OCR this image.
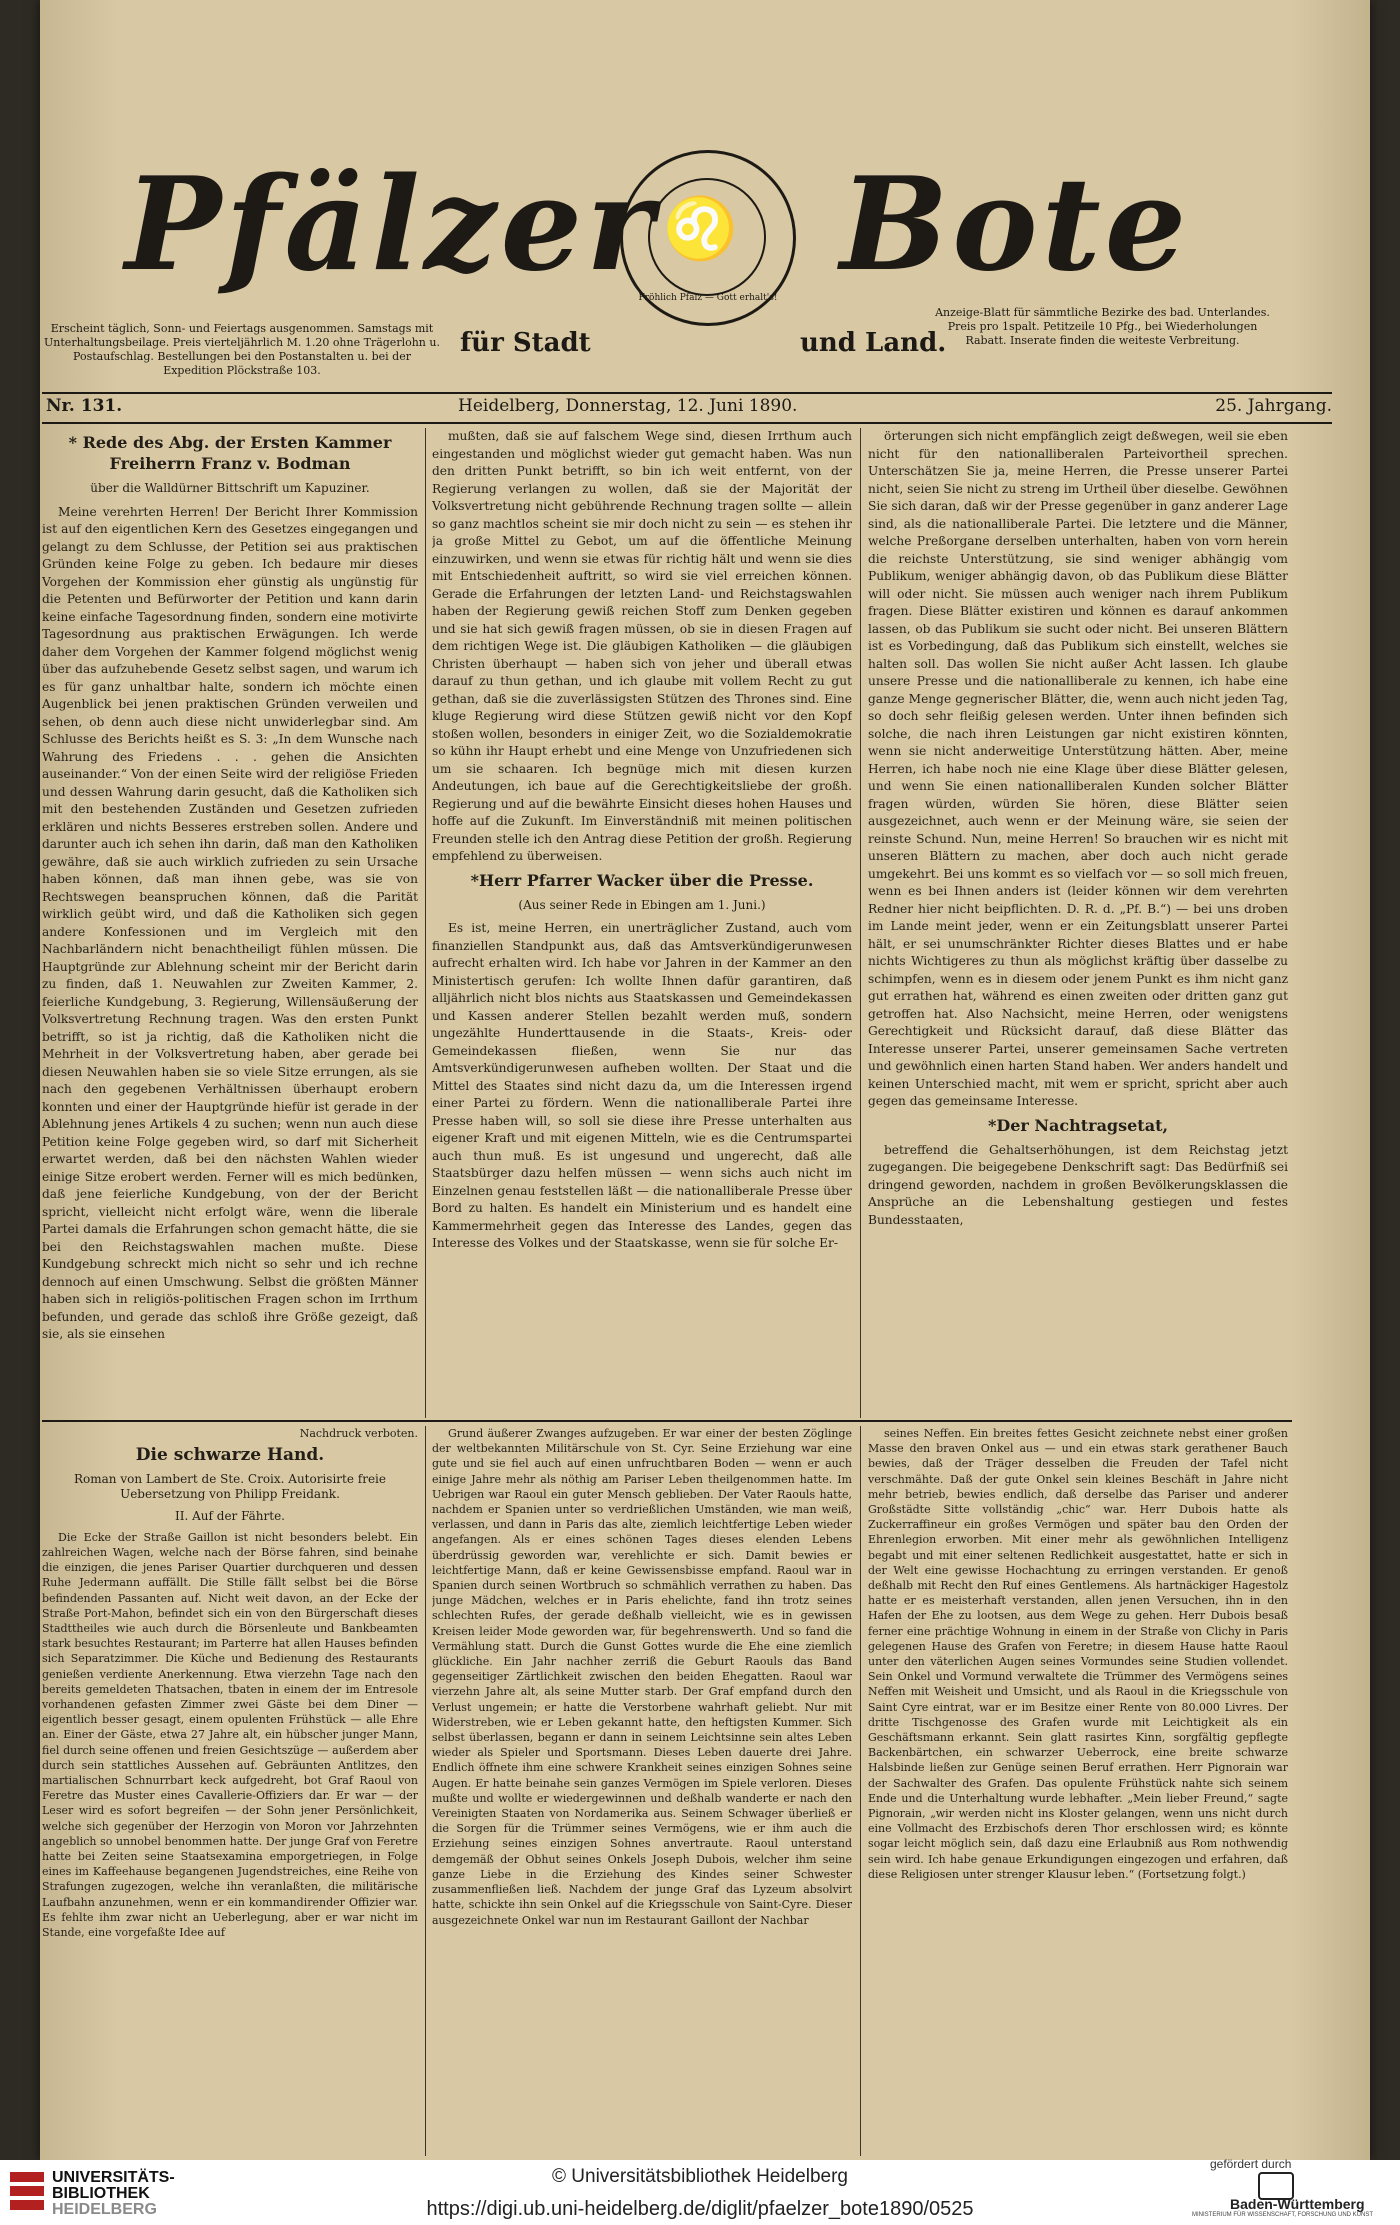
Pfälzer ♌
Fröhlich Pfalz — Gott erhalt's! Bote
Erscheint täglich, Sonn- und Feiertags ausgenommen. Samstags mit Unterhaltungsbeilage. Preis vierteljährlich M. 1.20 ohne Trägerlohn u. Postaufschlag. Bestellungen bei den Postanstalten u. bei der Expedition Plöckstraße 103.
für Stadt	und Land.
Anzeige-Blatt für sämmtliche Bezirke des bad. Unterlandes. Preis pro 1spalt. Petitzeile 10 Pfg., bei Wiederholungen Rabatt. Inserate finden die weiteste Verbreitung.
Nr. 131.	Heidelberg, Donnerstag, 12. Juni 1890.	25. Jahrgang.
* Rede des Abg. der Ersten Kammer Freiherrn Franz v. Bodman
über die Walldürner Bittschrift um Kapuziner.

Meine verehrten Herren! Der Bericht Ihrer Kommission ist auf den eigentlichen Kern des Gesetzes eingegangen und gelangt zu dem Schlusse, der Petition sei aus praktischen Gründen keine Folge zu geben. Ich bedaure mir dieses Vorgehen der Kommission eher günstig als ungünstig für die Petenten und Befürworter der Petition und kann darin keine einfache Tagesordnung finden, sondern eine motivirte Tagesordnung aus praktischen Erwägungen. Ich werde daher dem Vorgehen der Kammer folgend möglichst wenig über das aufzuhebende Gesetz selbst sagen, und warum ich es für ganz unhaltbar halte, sondern ich möchte einen Augenblick bei jenen praktischen Gründen verweilen und sehen, ob denn auch diese nicht unwiderlegbar sind. Am Schlusse des Berichts heißt es S. 3: „In dem Wunsche nach Wahrung des Friedens . . . gehen die Ansichten auseinander.“ Von der einen Seite wird der religiöse Frieden und dessen Wahrung darin gesucht, daß die Katholiken sich mit den bestehenden Zuständen und Gesetzen zufrieden erklären und nichts Besseres erstreben sollen. Andere und darunter auch ich sehen ihn darin, daß man den Katholiken gewähre, daß sie auch wirklich zufrieden zu sein Ursache haben können, daß man ihnen gebe, was sie von Rechtswegen beanspruchen können, daß die Parität wirklich geübt wird, und daß die Katholiken sich gegen andere Konfessionen und im Vergleich mit den Nachbarländern nicht benachtheiligt fühlen müssen. Die Hauptgründe zur Ablehnung scheint mir der Bericht darin zu finden, daß 1. Neuwahlen zur Zweiten Kammer, 2. feierliche Kundgebung, 3. Regierung, Willensäußerung der Volksvertretung Rechnung tragen. Was den ersten Punkt betrifft, so ist ja richtig, daß die Katholiken nicht die Mehrheit in der Volksvertretung haben, aber gerade bei diesen Neuwahlen haben sie so viele Sitze errungen, als sie nach den gegebenen Verhältnissen überhaupt erobern konnten und einer der Hauptgründe hiefür ist gerade in der Ablehnung jenes Artikels 4 zu suchen; wenn nun auch diese Petition keine Folge gegeben wird, so darf mit Sicherheit erwartet werden, daß bei den nächsten Wahlen wieder einige Sitze erobert werden. Ferner will es mich bedünken, daß jene feierliche Kundgebung, von der der Bericht spricht, vielleicht nicht erfolgt wäre, wenn die liberale Partei damals die Erfahrungen schon gemacht hätte, die sie bei den Reichstagswahlen machen mußte. Diese Kundgebung schreckt mich nicht so sehr und ich rechne dennoch auf einen Umschwung. Selbst die größten Männer haben sich in religiös-politischen Fragen schon im Irrthum befunden, und gerade das schloß ihre Größe gezeigt, daß sie, als sie einsehen

mußten, daß sie auf falschem Wege sind, diesen Irrthum auch eingestanden und möglichst wieder gut gemacht haben. Was nun den dritten Punkt betrifft, so bin ich weit entfernt, von der Regierung verlangen zu wollen, daß sie der Majorität der Volksvertretung nicht gebührende Rechnung tragen sollte — allein so ganz machtlos scheint sie mir doch nicht zu sein — es stehen ihr ja große Mittel zu Gebot, um auf die öffentliche Meinung einzuwirken, und wenn sie etwas für richtig hält und wenn sie dies mit Entschiedenheit auftritt, so wird sie viel erreichen können. Gerade die Erfahrungen der letzten Land- und Reichstagswahlen haben der Regierung gewiß reichen Stoff zum Denken gegeben und sie hat sich gewiß fragen müssen, ob sie in diesen Fragen auf dem richtigen Wege ist. Die gläubigen Katholiken — die gläubigen Christen überhaupt — haben sich von jeher und überall etwas darauf zu thun gethan, und ich glaube mit vollem Recht zu gut gethan, daß sie die zuverlässigsten Stützen des Thrones sind. Eine kluge Regierung wird diese Stützen gewiß nicht vor den Kopf stoßen wollen, besonders in einiger Zeit, wo die Sozialdemokratie so kühn ihr Haupt erhebt und eine Menge von Unzufriedenen sich um sie schaaren. Ich begnüge mich mit diesen kurzen Andeutungen, ich baue auf die Gerechtigkeitsliebe der großh. Regierung und auf die bewährte Einsicht dieses hohen Hauses und hoffe auf die Zukunft. Im Einverständniß mit meinen politischen Freunden stelle ich den Antrag diese Petition der großh. Regierung empfehlend zu überweisen.

*Herr Pfarrer Wacker über die Presse.
(Aus seiner Rede in Ebingen am 1. Juni.)

Es ist, meine Herren, ein unerträglicher Zustand, auch vom finanziellen Standpunkt aus, daß das Amtsverkündigerunwesen aufrecht erhalten wird. Ich habe vor Jahren in der Kammer an den Ministertisch gerufen: Ich wollte Ihnen dafür garantiren, daß alljährlich nicht blos nichts aus Staatskassen und Gemeindekassen und Kassen anderer Stellen bezahlt werden muß, sondern ungezählte Hunderttausende in die Staats-, Kreis- oder Gemeindekassen fließen, wenn Sie nur das Amtsverkündigerunwesen aufheben wollten. Der Staat und die Mittel des Staates sind nicht dazu da, um die Interessen irgend einer Partei zu fördern. Wenn die nationalliberale Partei ihre Presse haben will, so soll sie diese ihre Presse unterhalten aus eigener Kraft und mit eigenen Mitteln, wie es die Centrumspartei auch thun muß. Es ist ungesund und ungerecht, daß alle Staatsbürger dazu helfen müssen — wenn sichs auch nicht im Einzelnen genau feststellen läßt — die nationalliberale Presse über Bord zu halten. Es handelt ein Ministerium und es handelt eine Kammermehrheit gegen das Interesse des Landes, gegen das Interesse des Volkes und der Staatskasse, wenn sie für solche Er-

örterungen sich nicht empfänglich zeigt deßwegen, weil sie eben nicht für den nationalliberalen Parteivortheil sprechen. Unterschätzen Sie ja, meine Herren, die Presse unserer Partei nicht, seien Sie nicht zu streng im Urtheil über dieselbe. Gewöhnen Sie sich daran, daß wir der Presse gegenüber in ganz anderer Lage sind, als die nationalliberale Partei. Die letztere und die Männer, welche Preßorgane derselben unterhalten, haben von vorn herein die reichste Unterstützung, sie sind weniger abhängig vom Publikum, weniger abhängig davon, ob das Publikum diese Blätter will oder nicht. Sie müssen auch weniger nach ihrem Publikum fragen. Diese Blätter existiren und können es darauf ankommen lassen, ob das Publikum sie sucht oder nicht. Bei unseren Blättern ist es Vorbedingung, daß das Publikum sich einstellt, welches sie halten soll. Das wollen Sie nicht außer Acht lassen. Ich glaube unsere Presse und die nationalliberale zu kennen, ich habe eine ganze Menge gegnerischer Blätter, die, wenn auch nicht jeden Tag, so doch sehr fleißig gelesen werden. Unter ihnen befinden sich solche, die nach ihren Leistungen gar nicht existiren könnten, wenn sie nicht anderweitige Unterstützung hätten. Aber, meine Herren, ich habe noch nie eine Klage über diese Blätter gelesen, und wenn Sie einen nationalliberalen Kunden solcher Blätter fragen würden, würden Sie hören, diese Blätter seien ausgezeichnet, auch wenn er der Meinung wäre, sie seien der reinste Schund. Nun, meine Herren! So brauchen wir es nicht mit unseren Blättern zu machen, aber doch auch nicht gerade umgekehrt. Bei uns kommt es so vielfach vor — so soll mich freuen, wenn es bei Ihnen anders ist (leider können wir dem verehrten Redner hier nicht beipflichten. D. R. d. „Pf. B.“) — bei uns droben im Lande meint jeder, wenn er ein Zeitungsblatt unserer Partei hält, er sei unumschränkter Richter dieses Blattes und er habe nichts Wichtigeres zu thun als möglichst kräftig über dasselbe zu schimpfen, wenn es in diesem oder jenem Punkt es ihm nicht ganz gut errathen hat, während es einen zweiten oder dritten ganz gut getroffen hat. Also Nachsicht, meine Herren, oder wenigstens Gerechtigkeit und Rücksicht darauf, daß diese Blätter das Interesse unserer Partei, unserer gemeinsamen Sache vertreten und gewöhnlich einen harten Stand haben. Wer anders handelt und keinen Unterschied macht, mit wem er spricht, spricht aber auch gegen das gemeinsame Interesse.

*Der Nachtragsetat,

betreffend die Gehaltserhöhungen, ist dem Reichstag jetzt zugegangen. Die beigegebene Denkschrift sagt: Das Bedürfniß sei dringend geworden, nachdem in großen Bevölkerungsklassen die Ansprüche an die Lebenshaltung gestiegen und festes Bundesstaaten,

Nachdruck verboten.
Die schwarze Hand.
Roman von Lambert de Ste. Croix. Autorisirte freie Uebersetzung von Philipp Freidank.
II. Auf der Fährte.

Die Ecke der Straße Gaillon ist nicht besonders belebt. Ein zahlreichen Wagen, welche nach der Börse fahren, sind beinahe die einzigen, die jenes Pariser Quartier durchqueren und dessen Ruhe Jedermann auffällt. Die Stille fällt selbst bei die Börse befindenden Passanten auf. Nicht weit davon, an der Ecke der Straße Port-Mahon, befindet sich ein von den Bürgerschaft dieses Stadttheiles wie auch durch die Börsenleute und Bankbeamten stark besuchtes Restaurant; im Parterre hat allen Hauses befinden sich Separatzimmer. Die Küche und Bedienung des Restaurants genießen verdiente Anerkennung. Etwa vierzehn Tage nach den bereits gemeldeten Thatsachen, tbaten in einem der im Entresole vorhandenen gefasten Zimmer zwei Gäste bei dem Diner — eigentlich besser gesagt, einem opulenten Frühstück — alle Ehre an. Einer der Gäste, etwa 27 Jahre alt, ein hübscher junger Mann, fiel durch seine offenen und freien Gesichtszüge — außerdem aber durch sein stattliches Aussehen auf. Gebräunten Antlitzes, den martialischen Schnurrbart keck aufgedreht, bot Graf Raoul von Feretre das Muster eines Cavallerie-Offiziers dar. Er war — der Leser wird es sofort begreifen — der Sohn jener Persönlichkeit, welche sich gegenüber der Herzogin von Moron vor Jahrzehnten angeblich so unnobel benommen hatte. Der junge Graf von Feretre hatte bei Zeiten seine Staatsexamina emporgetriegen, in Folge eines im Kaffeehause begangenen Jugendstreiches, eine Reihe von Strafungen zugezogen, welche ihn veranlaßten, die militärische Laufbahn anzunehmen, wenn er ein kommandirender Offizier war. Es fehlte ihm zwar nicht an Ueberlegung, aber er war nicht im Stande, eine vorgefaßte Idee auf

Grund äußerer Zwanges aufzugeben. Er war einer der besten Zöglinge der weltbekannten Militärschule von St. Cyr. Seine Erziehung war eine gute und sie fiel auch auf einen unfruchtbaren Boden — wenn er auch einige Jahre mehr als nöthig am Pariser Leben theilgenommen hatte. Im Uebrigen war Raoul ein guter Mensch geblieben. Der Vater Raouls hatte, nachdem er Spanien unter so verdrießlichen Umständen, wie man weiß, verlassen, und dann in Paris das alte, ziemlich leichtfertige Leben wieder angefangen. Als er eines schönen Tages dieses elenden Lebens überdrüssig geworden war, verehlichte er sich. Damit bewies er leichtfertige Mann, daß er keine Gewissensbisse empfand. Raoul war in Spanien durch seinen Wortbruch so schmählich verrathen zu haben. Das junge Mädchen, welches er in Paris ehelichte, fand ihn trotz seines schlechten Rufes, der gerade deßhalb vielleicht, wie es in gewissen Kreisen leider Mode geworden war, für begehrenswerth. Und so fand die Vermählung statt. Durch die Gunst Gottes wurde die Ehe eine ziemlich glückliche. Ein Jahr nachher zerriß die Geburt Raouls das Band gegenseitiger Zärtlichkeit zwischen den beiden Ehegatten. Raoul war vierzehn Jahre alt, als seine Mutter starb. Der Graf empfand durch den Verlust ungemein; er hatte die Verstorbene wahrhaft geliebt. Nur mit Widerstreben, wie er Leben gekannt hatte, den heftigsten Kummer. Sich selbst überlassen, begann er dann in seinem Leichtsinne sein altes Leben wieder als Spieler und Sportsmann. Dieses Leben dauerte drei Jahre. Endlich öffnete ihm eine schwere Krankheit seines einzigen Sohnes seine Augen. Er hatte beinahe sein ganzes Vermögen im Spiele verloren. Dieses mußte und wollte er wiedergewinnen und deßhalb wanderte er nach den Vereinigten Staaten von Nordamerika aus. Seinem Schwager überließ er die Sorgen für die Trümmer seines Vermögens, wie er ihm auch die Erziehung seines einzigen Sohnes anvertraute. Raoul unterstand demgemäß der Obhut seines Onkels Joseph Dubois, welcher ihm seine ganze Liebe in die Erziehung des Kindes seiner Schwester zusammenfließen ließ. Nachdem der junge Graf das Lyzeum absolvirt hatte, schickte ihn sein Onkel auf die Kriegsschule von Saint-Cyre. Dieser ausgezeichnete Onkel war nun im Restaurant Gaillont der Nachbar

seines Neffen. Ein breites fettes Gesicht zeichnete nebst einer großen Masse den braven Onkel aus — und ein etwas stark gerathener Bauch bewies, daß der Träger desselben die Freuden der Tafel nicht verschmähte. Daß der gute Onkel sein kleines Beschäft in Jahre nicht mehr betrieb, bewies endlich, daß derselbe das Pariser und anderer Großstädte Sitte vollständig „chic“ war. Herr Dubois hatte als Zuckerraffineur ein großes Vermögen und später bau den Orden der Ehrenlegion erworben. Mit einer mehr als gewöhnlichen Intelligenz begabt und mit einer seltenen Redlichkeit ausgestattet, hatte er sich in der Welt eine gewisse Hochachtung zu erringen verstanden. Er genoß deßhalb mit Recht den Ruf eines Gentlemens. Als hartnäckiger Hagestolz hatte er es meisterhaft verstanden, allen jenen Versuchen, ihn in den Hafen der Ehe zu lootsen, aus dem Wege zu gehen. Herr Dubois besaß ferner eine prächtige Wohnung in einem in der Straße von Clichy in Paris gelegenen Hause des Grafen von Feretre; in diesem Hause hatte Raoul unter den väterlichen Augen seines Vormundes seine Studien vollendet. Sein Onkel und Vormund verwaltete die Trümmer des Vermögens seines Neffen mit Weisheit und Umsicht, und als Raoul in die Kriegsschule von Saint Cyre eintrat, war er im Besitze einer Rente von 80.000 Livres. Der dritte Tischgenosse des Grafen wurde mit Leichtigkeit als ein Geschäftsmann erkannt. Sein glatt rasirtes Kinn, sorgfältig gepflegte Backenbärtchen, ein schwarzer Ueberrock, eine breite schwarze Halsbinde ließen zur Genüge seinen Beruf errathen. Herr Pignorain war der Sachwalter des Grafen. Das opulente Frühstück nahte sich seinem Ende und die Unterhaltung wurde lebhafter. „Mein lieber Freund,“ sagte Pignorain, „wir werden nicht ins Kloster gelangen, wenn uns nicht durch eine Vollmacht des Erzbischofs deren Thor erschlossen wird; es könnte sogar leicht möglich sein, daß dazu eine Erlaubniß aus Rom nothwendig sein wird. Ich habe genaue Erkundigungen eingezogen und erfahren, daß diese Religiosen unter strenger Klausur leben.“ (Fortsetzung folgt.)

UNIVERSITÄTS-
BIBLIOTHEK
HEIDELBERG
© Universitätsbibliothek Heidelberg
https://digi.ub.uni-heidelberg.de/diglit/pfaelzer_bote1890/0525
gefördert durch
Baden-Württemberg
MINISTERIUM FÜR WISSENSCHAFT, FORSCHUNG UND KUNST
